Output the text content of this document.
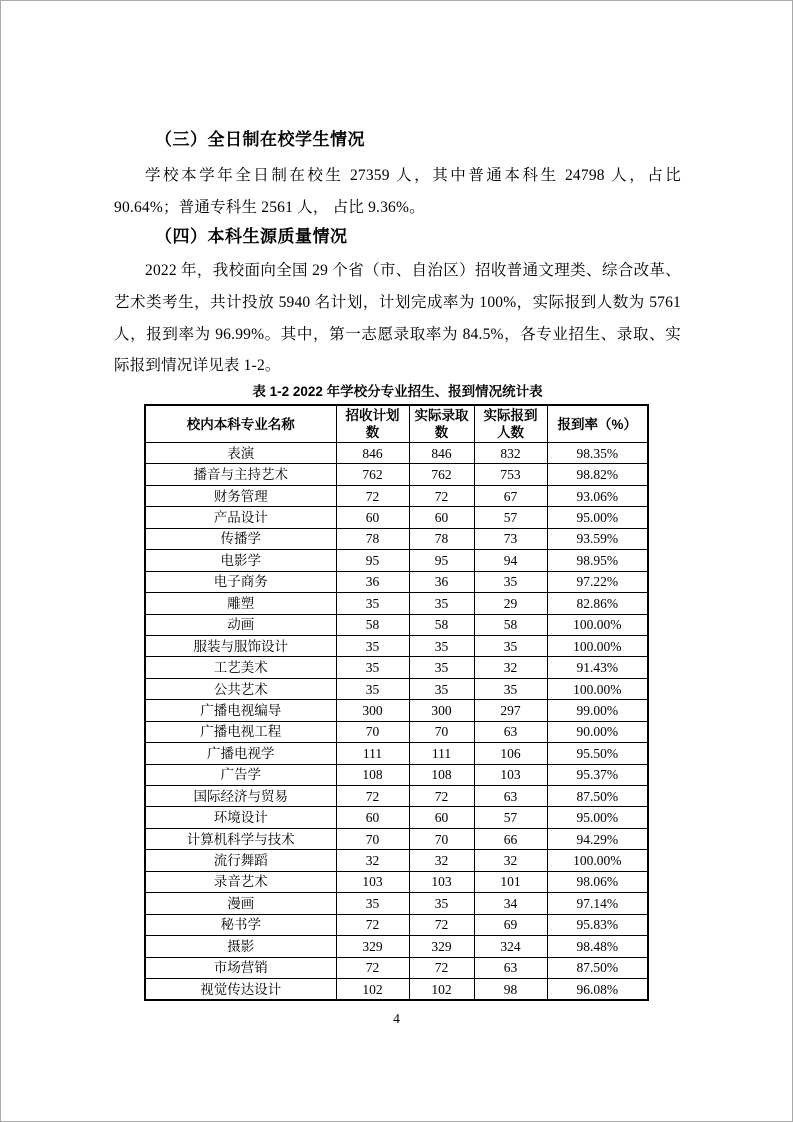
（三）全日制在校学生情况
学校本学年全日制在校生 27359 人，其中普通本科生 24798 人，占比 90.64%；普通专科生 2561 人， 占比 9.36%。
（四）本科生源质量情况
2022 年，我校面向全国 29 个省（市、自治区）招收普通文理类、综合改革、艺术类考生，共计投放 5940 名计划，计划完成率为 100%，实际报到人数为 5761 人，报到率为 96.99%。其中，第一志愿录取率为 84.5%，各专业招生、录取、实际报到情况详见表 1-2。
表 1-2 2022 年学校分专业招生、报到情况统计表
校内本科专业名称	招收计划数	实际录取数	实际报到人数	报到率（%）
表演	846	846	832	98.35%
播音与主持艺术	762	762	753	98.82%
财务管理	72	72	67	93.06%
产品设计	60	60	57	95.00%
传播学	78	78	73	93.59%
电影学	95	95	94	98.95%
电子商务	36	36	35	97.22%
雕塑	35	35	29	82.86%
动画	58	58	58	100.00%
服装与服饰设计	35	35	35	100.00%
工艺美术	35	35	32	91.43%
公共艺术	35	35	35	100.00%
广播电视编导	300	300	297	99.00%
广播电视工程	70	70	63	90.00%
广播电视学	111	111	106	95.50%
广告学	108	108	103	95.37%
国际经济与贸易	72	72	63	87.50%
环境设计	60	60	57	95.00%
计算机科学与技术	70	70	66	94.29%
流行舞蹈	32	32	32	100.00%
录音艺术	103	103	101	98.06%
漫画	35	35	34	97.14%
秘书学	72	72	69	95.83%
摄影	329	329	324	98.48%
市场营销	72	72	63	87.50%
视觉传达设计	102	102	98	96.08%
4
